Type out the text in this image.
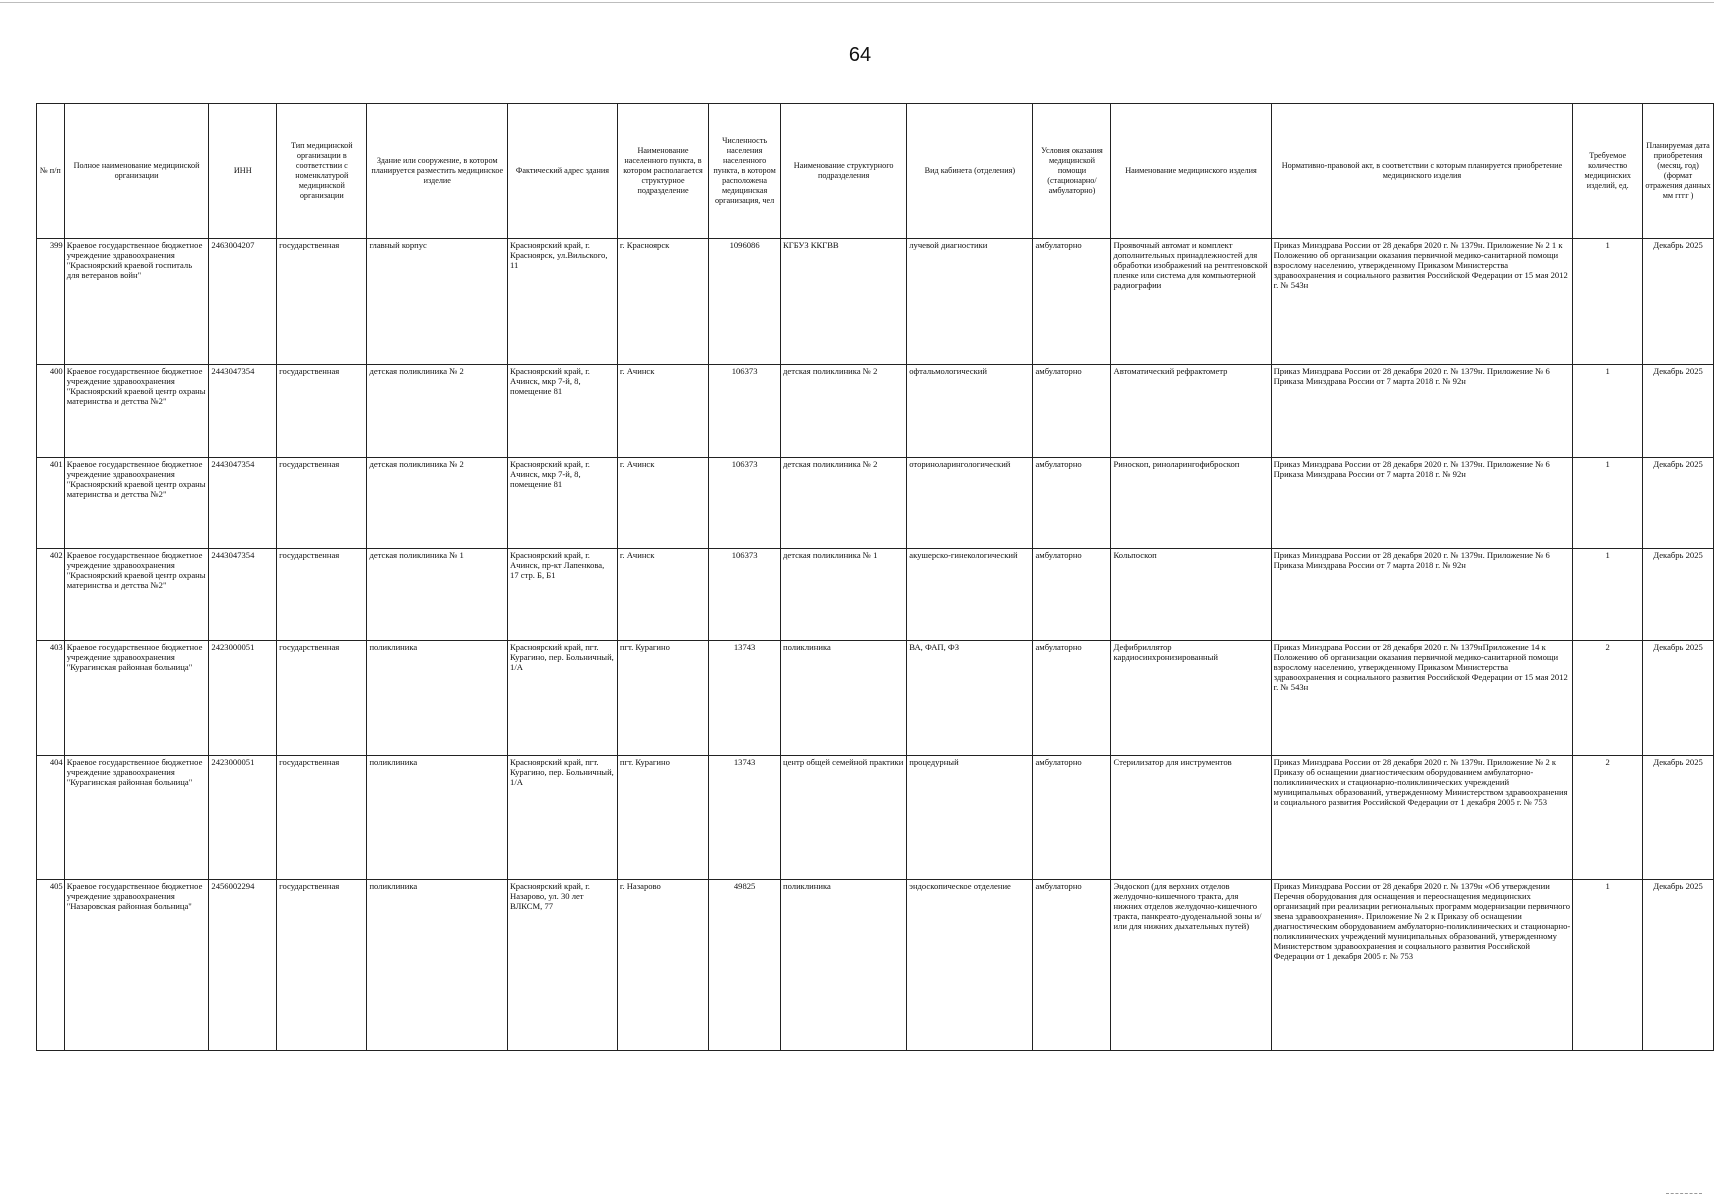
64
№ п/п	Полное наименование медицинской организации	ИНН	Тип медицинской организации в соответствии с номенклатурой медицинской организации	Здание или сооружение, в котором планируется разместить медицинское изделие	Фактический адрес здания	Наименование населенного пункта, в котором располагается структурное подразделение	Численность населения населенного пункта, в котором расположена медицинская организация, чел	Наименование структурного подразделения	Вид кабинета (отделения)	Условия оказания медицинской помощи (стационарно/ амбулаторно)	Наименование медицинского изделия	Нормативно-правовой акт, в соответствии с которым планируется приобретение медицинского изделия	Требуемое количество медицинских изделий, ед.	Планируемая дата приобретения (месяц, год) (формат отражения данных мм гггг )
399	Краевое государственное бюджетное учреждение здравоохранения "Красноярский краевой госпиталь для ветеранов войн"	2463004207	государственная	главный корпус	Красноярский край, г. Красноярск, ул.Вильского, 11	г. Красноярск	1096086	КГБУЗ ККГВВ	лучевой диагностики	амбулаторно	Проявочный автомат и комплект дополнительных принадлежностей для обработки изображений на рентгеновской пленке или система для компьютерной радиографии	Приказ Минздрава России от 28 декабря 2020 г. № 1379н. Приложение № 2 1 к Положению об организации оказания первичной медико-санитарной помощи взрослому населению, утвержденному Приказом Министерства здравоохранения и социального развития Российской Федерации от 15 мая 2012 г. № 543н	1	Декабрь 2025
400	Краевое государственное бюджетное учреждение здравоохранения "Красноярский краевой центр охраны материнства и детства №2"	2443047354	государственная	детская поликлиника № 2	Красноярский край, г. Ачинск, мкр 7-й, 8, помещение 81	г. Ачинск	106373	детская поликлиника № 2	офтальмологический	амбулаторно	Автоматический рефрактометр	Приказ Минздрава России от 28 декабря 2020 г. № 1379н. Приложение № 6 Приказа Минздрава России от 7 марта 2018 г. № 92н	1	Декабрь 2025
401	Краевое государственное бюджетное учреждение здравоохранения "Красноярский краевой центр охраны материнства и детства №2"	2443047354	государственная	детская поликлиника № 2	Красноярский край, г. Ачинск, мкр 7-й, 8, помещение 81	г. Ачинск	106373	детская поликлиника № 2	оториноларингологический	амбулаторно	Риноскоп, риноларингофиброскоп	Приказ Минздрава России от 28 декабря 2020 г. № 1379н. Приложение № 6 Приказа Минздрава России от 7 марта 2018 г. № 92н	1	Декабрь 2025
402	Краевое государственное бюджетное учреждение здравоохранения "Красноярский краевой центр охраны материнства и детства №2"	2443047354	государственная	детская поликлиника № 1	Красноярский край, г. Ачинск, пр-кт Лапенкова, 17 стр. Б, Б1	г. Ачинск	106373	детская поликлиника № 1	акушерско-гинекологический	амбулаторно	Кольпоскоп	Приказ Минздрава России от 28 декабря 2020 г. № 1379н. Приложение № 6 Приказа Минздрава России от 7 марта 2018 г. № 92н	1	Декабрь 2025
403	Краевое государственное бюджетное учреждение здравоохранения "Курагинская районная больница"	2423000051	государственная	поликлиника	Красноярский край, пгт. Курагино, пер. Больничный, 1/А	пгт. Курагино	13743	поликлиника	ВА, ФАП, ФЗ	амбулаторно	Дефибриллятор кардиосинхронизированный	Приказ Минздрава России от 28 декабря 2020 г. № 1379нПриложение 14 к Положению об организации оказания первичной медико-санитарной помощи взрослому населению, утвержденному Приказом Министерства здравоохранения и социального развития Российской Федерации от 15 мая 2012 г. № 543н	2	Декабрь 2025
404	Краевое государственное бюджетное учреждение здравоохранения "Курагинская районная больница"	2423000051	государственная	поликлиника	Красноярский край, пгт. Курагино, пер. Больничный, 1/А	пгт. Курагино	13743	центр общей семейной практики	процедурный	амбулаторно	Стерилизатор для инструментов	Приказ Минздрава России от 28 декабря 2020 г. № 1379н. Приложение № 2 к Приказу об оснащении диагностическим оборудованием амбулаторно-поликлинических и стационарно-поликлинических учреждений муниципальных образований, утвержденному Министерством здравоохранения и социального развития Российской Федерации от 1 декабря 2005 г. № 753	2	Декабрь 2025
405	Краевое государственное бюджетное учреждение здравоохранения "Назаровская районная больница"	2456002294	государственная	поликлиника	Красноярский край, г. Назарово, ул. 30 лет ВЛКСМ, 77	г. Назарово	49825	поликлиника	эндоскопическое отделение	амбулаторно	Эндоскоп (для верхних отделов желудочно-кишечного тракта, для нижних отделов желудочно-кишечного тракта, панкреато-дуоденальной зоны и/или для нижних дыхательных путей)	Приказ Минздрава России от 28 декабря 2020 г. № 1379н «Об утверждении Перечня оборудования для оснащения и переоснащения медицинских организаций при реализации региональных программ модернизации первичного звена здравоохранения». Приложение № 2 к Приказу об оснащении диагностическим оборудованием амбулаторно-поликлинических и стационарно-поликлинических учреждений муниципальных образований, утвержденному Министерством здравоохранения и социального развития Российской Федерации от 1 декабря 2005 г. № 753	1	Декабрь 2025
